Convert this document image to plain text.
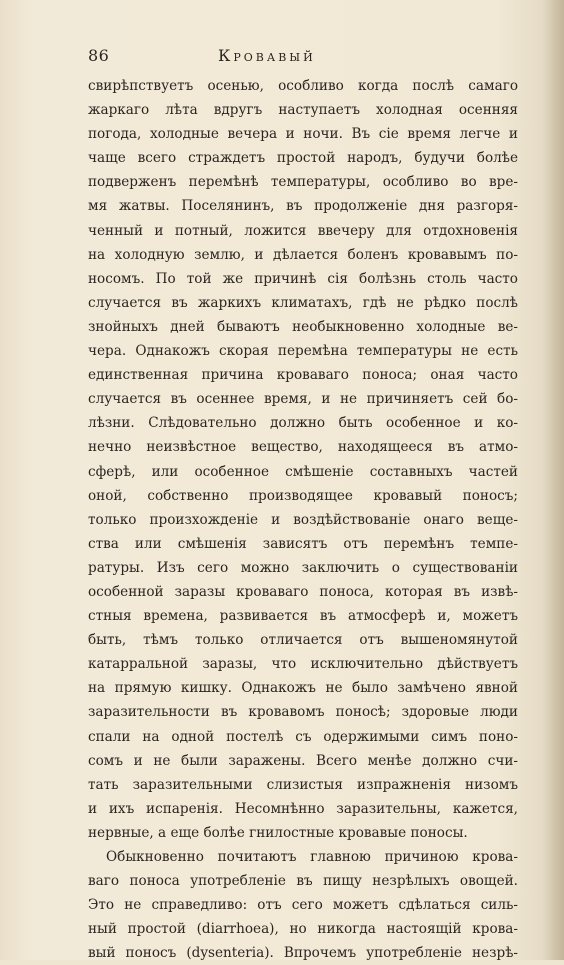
86	Кровавый
свирѣпствуетъ осенью, особливо когда послѣ самаго
жаркаго лѣта вдругъ наступаетъ холодная осенняя
погода, холодные вечера и ночи. Въ сіе время легче и
чаще всего страждетъ простой народъ, будучи болѣе
подверженъ перемѣнѣ температуры, особливо во вре-
мя жатвы. Поселянинъ, въ продолженіе дня разгоря-
ченный и потный, ложится ввечеру для отдохновенія
на холодную землю, и дѣлается боленъ кровавымъ по-
носомъ. По той же причинѣ сія болѣзнь столь часто
случается въ жаркихъ климатахъ, гдѣ не рѣдко послѣ
знойныхъ дней бываютъ необыкновенно холодные ве-
чера. Однакожъ скорая перемѣна температуры не есть
единственная причина кроваваго поноса; оная часто
случается въ осеннее время, и не причиняетъ сей бо-
лѣзни. Слѣдовательно должно быть особенное и ко-
нечно неизвѣстное вещество, находящееся въ атмо-
сферѣ, или особенное смѣшеніе составныхъ частей
оной, собственно производящее кровавый поносъ;
только произхожденіе и воздѣйствованіе онаго веще-
ства или смѣшенія зависятъ отъ перемѣнъ темпе-
ратуры. Изъ сего можно заключить о существованіи
особенной заразы кроваваго поноса, которая въ извѣ-
стныя времена, развивается въ атмосферѣ и, можетъ
быть, тѣмъ только отличается отъ вышеномянутой
катарральной заразы, что исключительно дѣйствуетъ
на прямую кишку. Однакожъ не было замѣчено явной
заразительности въ кровавомъ поносѣ; здоровые люди
спали на одной постелѣ съ одержимыми симъ поно-
сомъ и не были заражены. Всего менѣе должно счи-
тать заразительными слизистыя изпражненія низомъ
и ихъ испаренія. Несомнѣнно заразительны, кажется,
нервные, а еще болѣе гнилостные кровавые поносы.
Обыкновенно почитаютъ главною причиною крова-
ваго поноса употребленіе въ пищу незрѣлыхъ овощей.
Это не справедливо: отъ сего можетъ сдѣлаться силь-
ный простой (diarrhoea), но никогда настоящій крова-
вый поносъ (dysenteria). Впрочемъ употребленіе незрѣ-
